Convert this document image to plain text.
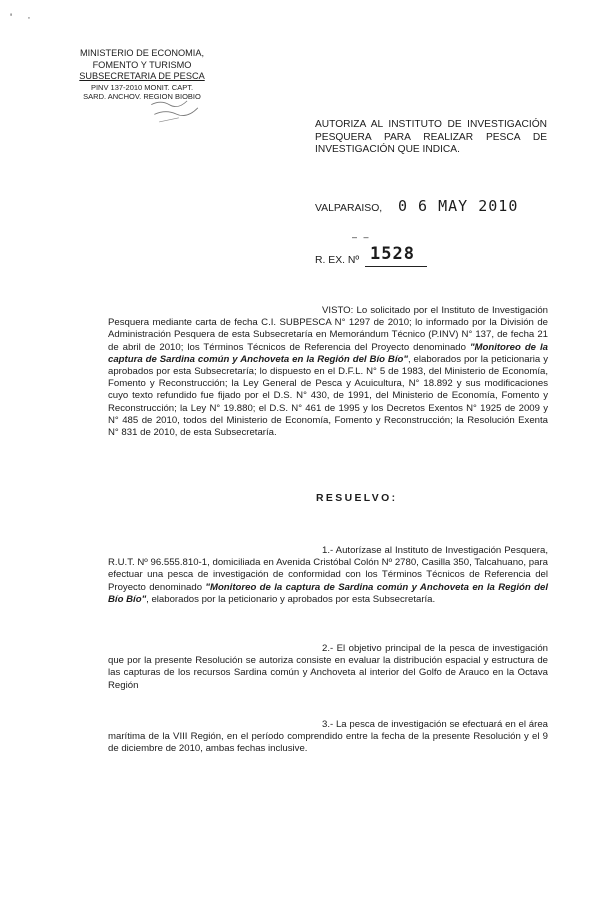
' ·
MINISTERIO DE ECONOMIA,
FOMENTO Y TURISMO
SUBSECRETARIA DE PESCA
PINV 137-2010 MONIT. CAPT.
SARD. ANCHOV. REGION BIOBIO
AUTORIZA AL INSTITUTO DE INVESTIGACIÓN PESQUERA PARA REALIZAR PESCA DE INVESTIGACIÓN QUE INDICA.
VALPARAISO, 0 6 MAY 2010
– –
R. EX. Nº 1528
VISTO: Lo solicitado por el Instituto de Investigación Pesquera mediante carta de fecha C.I. SUBPESCA N° 1297 de 2010; lo informado por la División de Administración Pesquera de esta Subsecretaría en Memorándum Técnico (P.INV) N° 137, de fecha 21 de abril de 2010; los Términos Técnicos de Referencia del Proyecto denominado "Monitoreo de la captura de Sardina común y Anchoveta en la Región del Bío Bío", elaborados por la peticionaria y aprobados por esta Subsecretaría; lo dispuesto en el D.F.L. N° 5 de 1983, del Ministerio de Economía, Fomento y Reconstrucción; la Ley General de Pesca y Acuicultura, N° 18.892 y sus modificaciones cuyo texto refundido fue fijado por el D.S. N° 430, de 1991, del Ministerio de Economía, Fomento y Reconstrucción; la Ley N° 19.880; el D.S. N° 461 de 1995 y los Decretos Exentos N° 1925 de 2009 y N° 485 de 2010, todos del Ministerio de Economía, Fomento y Reconstrucción; la Resolución Exenta N° 831 de 2010, de esta Subsecretaría.
RESUELVO:
1.- Autorízase al Instituto de Investigación Pesquera, R.U.T. Nº 96.555.810-1, domiciliada en Avenida Cristóbal Colón Nº 2780, Casilla 350, Talcahuano, para efectuar una pesca de investigación de conformidad con los Términos Técnicos de Referencia del Proyecto denominado "Monitoreo de la captura de Sardina común y Anchoveta en la Región del Bío Bío", elaborados por la peticionario y aprobados por esta Subsecretaría.
2.- El objetivo principal de la pesca de investigación que por la presente Resolución se autoriza consiste en evaluar la distribución espacial y estructura de las capturas de los recursos Sardina común y Anchoveta al interior del Golfo de Arauco en la Octava Región
3.- La pesca de investigación se efectuará en el área marítima de la VIII Región, en el período comprendido entre la fecha de la presente Resolución y el 9 de diciembre de 2010, ambas fechas inclusive.
